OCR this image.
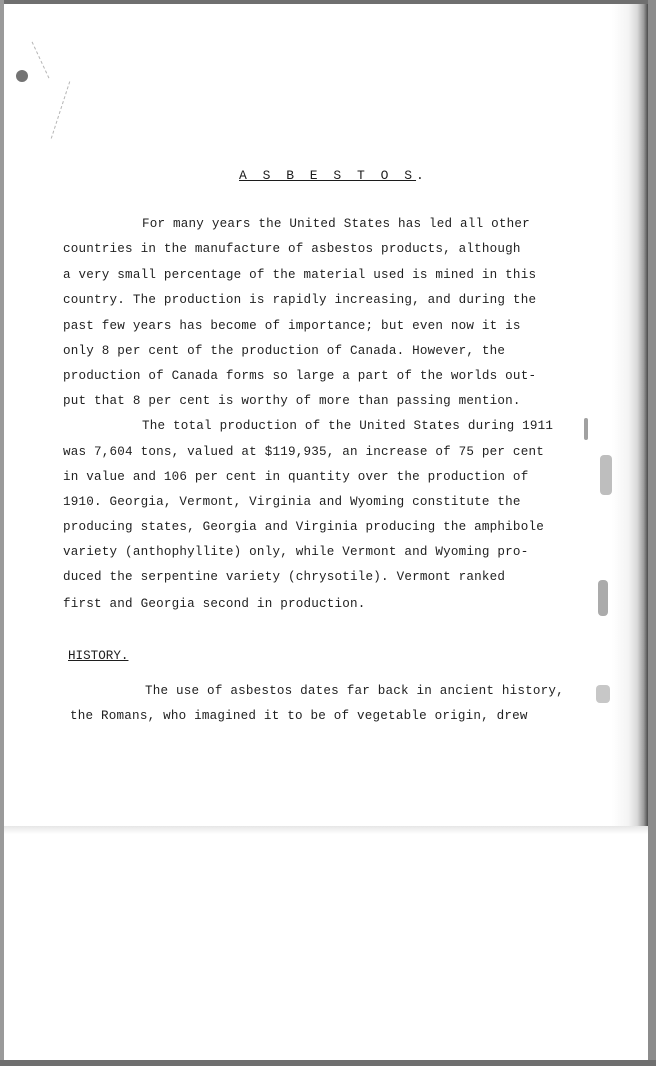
A S B E S T O S.
For many years the United States has led all other
countries in the manufacture of asbestos products, although
a very small percentage of the material used is mined in this
country. The production is rapidly increasing, and during the
past few years has become of importance; but even now it is
only 8 per cent of the production of Canada. However, the
production of Canada forms so large a part of the worlds out-
put that 8 per cent is worthy of more than passing mention.
The total production of the United States during 1911
was 7,604 tons, valued at $119,935, an increase of 75 per cent
in value and 106 per cent in quantity over the production of
1910. Georgia, Vermont, Virginia and Wyoming constitute the
producing states, Georgia and Virginia producing the amphibole
variety (anthophyllite) only, while Vermont and Wyoming pro-
duced the serpentine variety (chrysotile). Vermont ranked
first and Georgia second in production.
HISTORY.
The use of asbestos dates far back in ancient history,
the Romans, who imagined it to be of vegetable origin, drew
